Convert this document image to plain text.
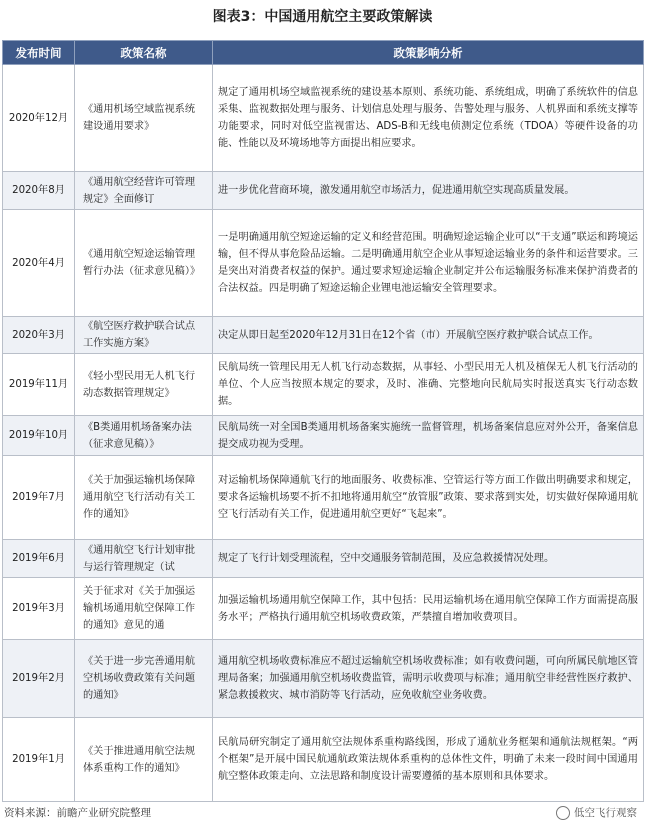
图表3：中国通用航空主要政策解读
发布时间	政策名称	政策影响分析
2020年12月	《通用机场空域监视系统建设通用要求》	规定了通用机场空域监视系统的建设基本原则、系统功能、系统组成，明确了系统软件的信息采集、监视数据处理与服务、计划信息处理与服务、告警处理与服务、人机界面和系统支撑等功能要求，同时对低空监视雷达、ADS-B和无线电侦测定位系统（TDOA）等硬件设备的功能、性能以及环境场地等方面提出相应要求。
2020年8月	《通用航空经营许可管理规定》全面修订	进一步优化营商环境，激发通用航空市场活力，促进通用航空实现高质量发展。
2020年4月	《通用航空短途运输管理暂行办法（征求意见稿）》	一是明确通用航空短途运输的定义和经营范围。明确短途运输企业可以“干支通”联运和跨境运输，但不得从事危险品运输。二是明确通用航空企业从事短途运输业务的条件和运营要求。三是突出对消费者权益的保护。通过要求短途运输企业制定并公布运输服务标准来保护消费者的合法权益。四是明确了短途运输企业锂电池运输安全管理要求。
2020年3月	《航空医疗救护联合试点工作实施方案》	决定从即日起至2020年12月31日在12个省（市）开展航空医疗救护联合试点工作。
2019年11月	《轻小型民用无人机飞行动态数据管理规定》	民航局统一管理民用无人机飞行动态数据，从事轻、小型民用无人机及植保无人机飞行活动的单位、个人应当按照本规定的要求，及时、准确、完整地向民航局实时报送真实飞行动态数据。
2019年10月	《B类通用机场备案办法（征求意见稿）》	民航局统一对全国B类通用机场备案实施统一监督管理，机场备案信息应对外公开，备案信息提交成功视为受理。
2019年7月	《关于加强运输机场保障通用航空飞行活动有关工作的通知》	对运输机场保障通航飞行的地面服务、收费标准、空管运行等方面工作做出明确要求和规定，要求各运输机场要不折不扣地将通用航空“放管服”政策、要求落到实处，切实做好保障通用航空飞行活动有关工作，促进通用航空更好“飞起来”。
2019年6月	《通用航空飞行计划审批与运行管理规定（试	规定了飞行计划受理流程，空中交通服务管制范围，及应急救援情况处理。
2019年3月	关于征求对《关于加强运输机场通用航空保障工作的通知》意见的通	加强运输机场通用航空保障工作，其中包括：民用运输机场在通用航空保障工作方面需提高服务水平；严格执行通用航空机场收费政策，严禁擅自增加收费项目。
2019年2月	《关于进一步完善通用航空机场收费政策有关问题的通知》	通用航空机场收费标准应不超过运输航空机场收费标准；如有收费问题，可向所属民航地区管理局备案；加强通用航空机场收费监管，需明示收费项与标准；通用航空非经营性医疗救护、紧急救援救灾、城市消防等飞行活动，应免收航空业务收费。
2019年1月	《关于推进通用航空法规体系重构工作的通知》	民航局研究制定了通用航空法规体系重构路线图，形成了通航业务框架和通航法规框架。“两个框架”是开展中国民航通航政策法规体系重构的总体性文件，明确了未来一段时间中国通用航空整体政策走向、立法思路和制度设计需要遵循的基本原则和具体要求。
资料来源：前瞻产业研究院整理	低空飞行观察
